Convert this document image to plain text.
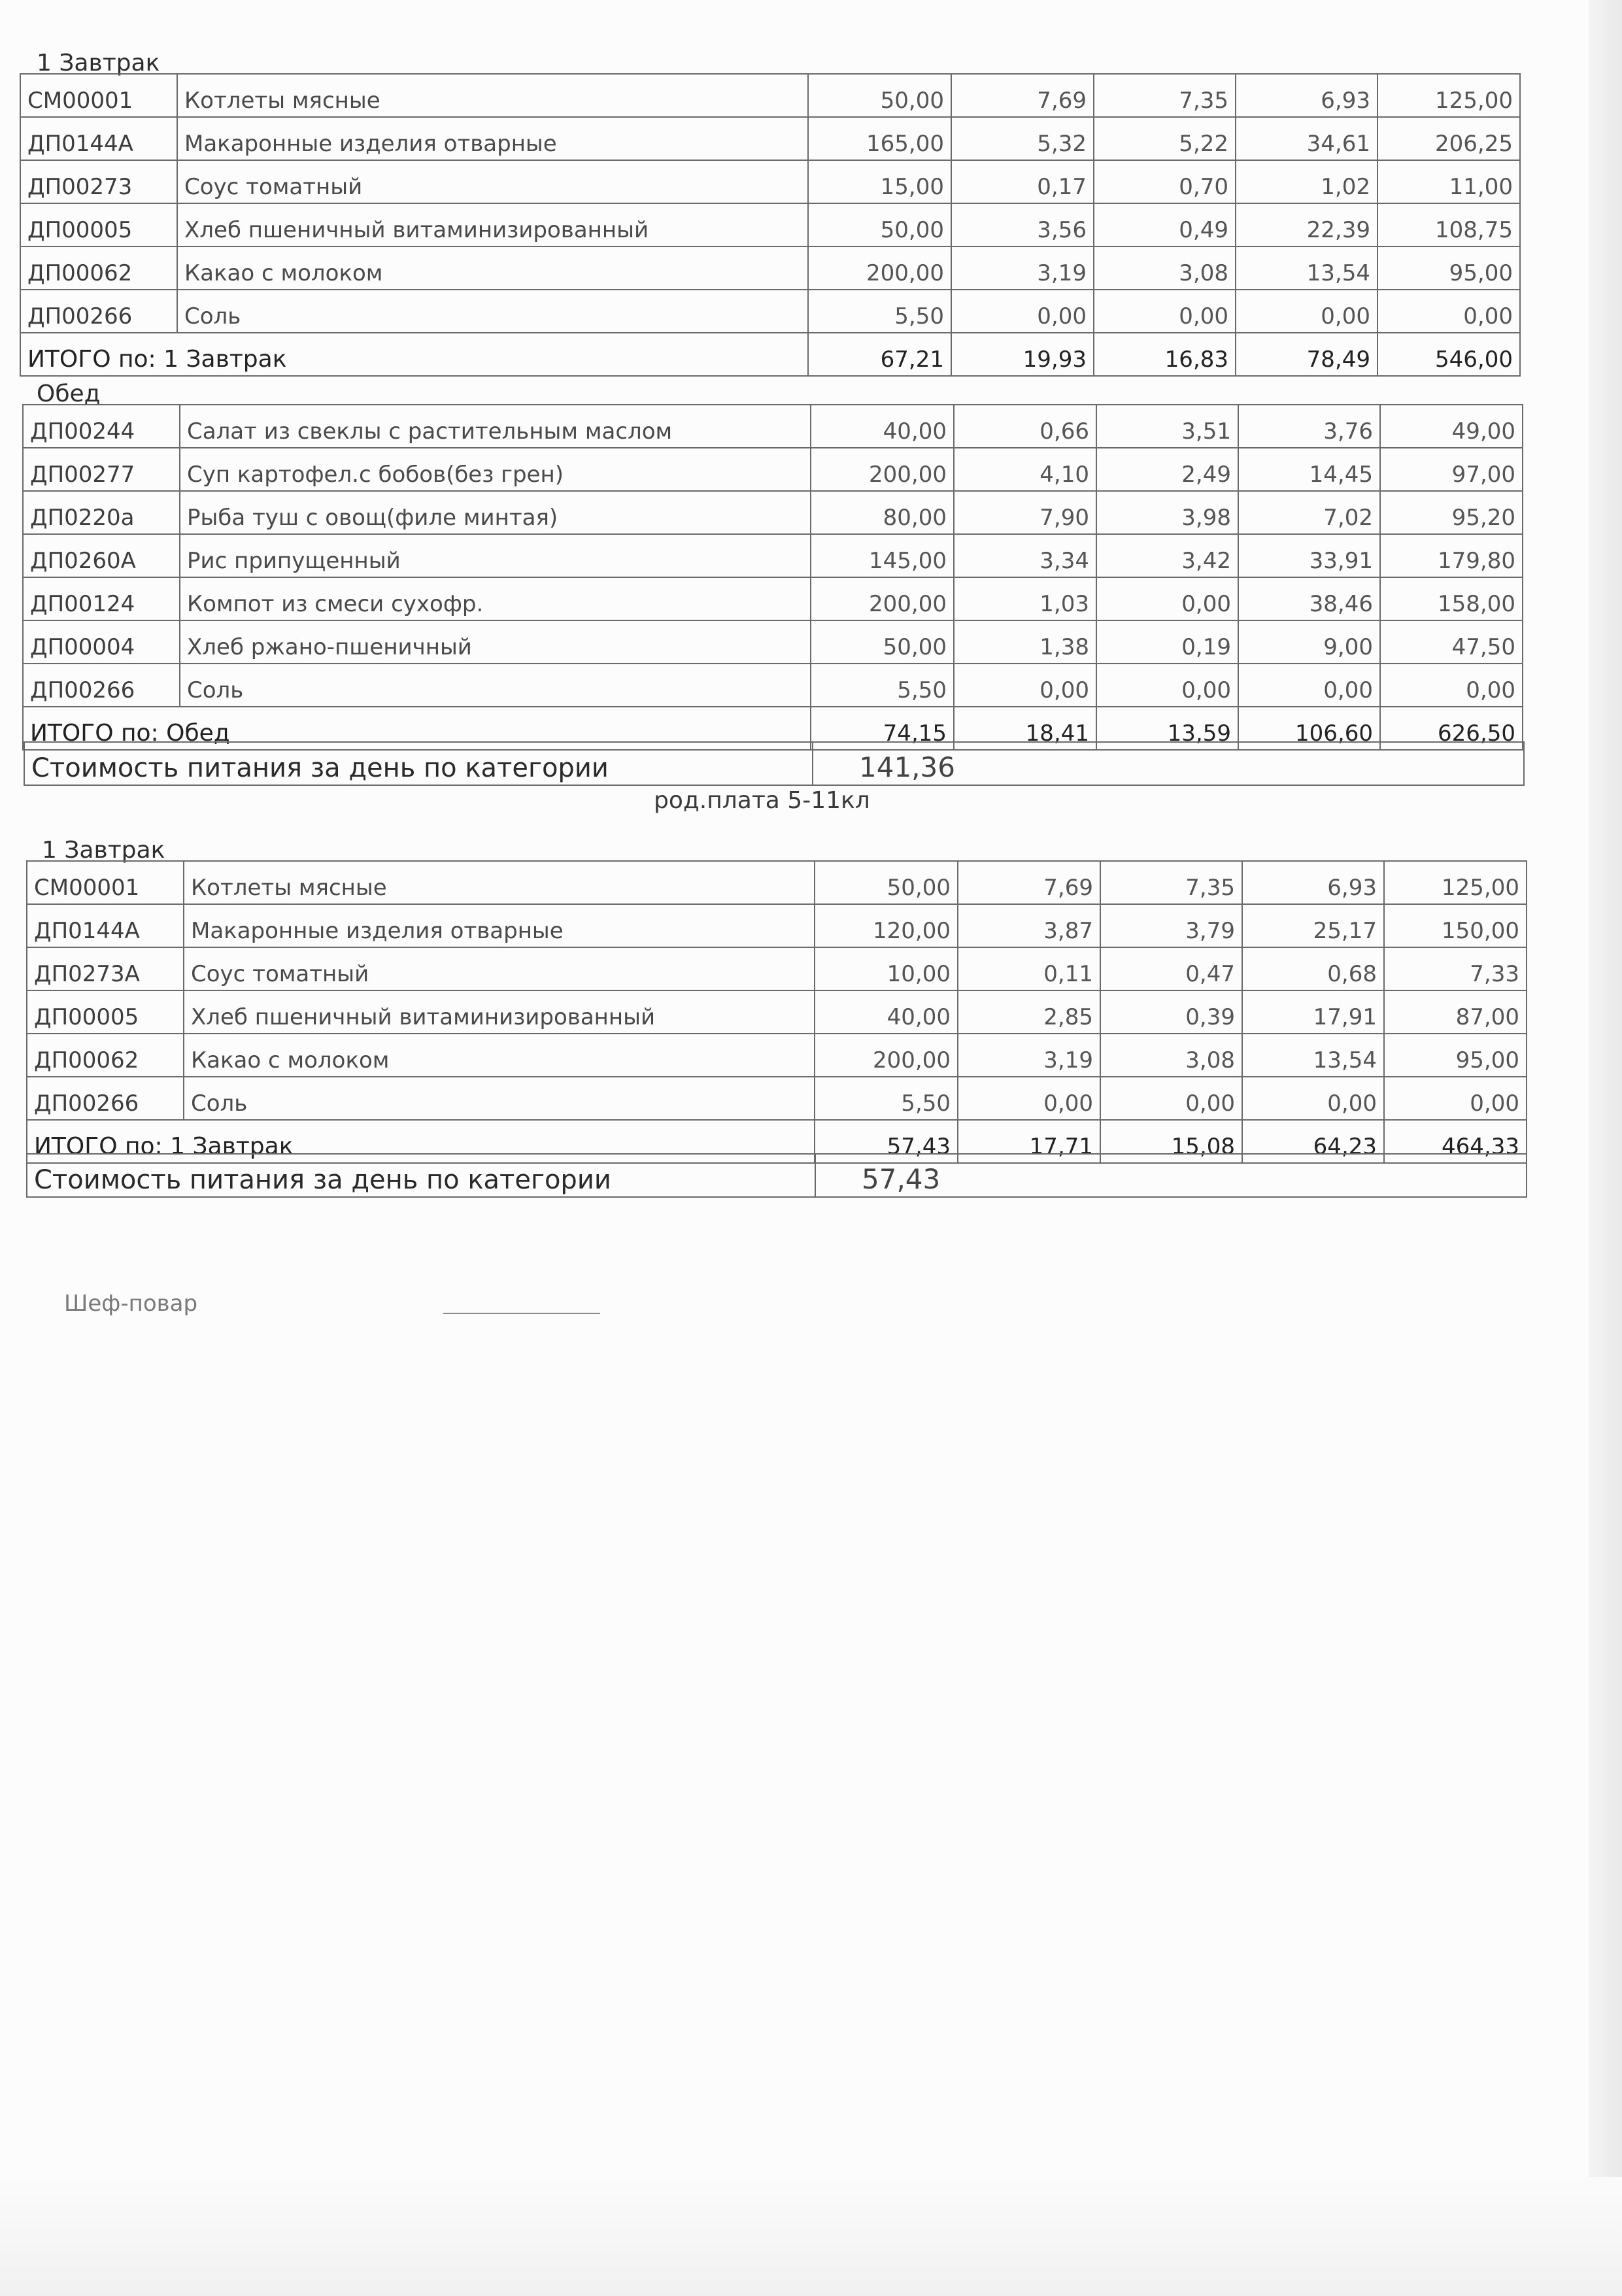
1 Завтрак
СМ00001	Котлеты мясные	50,00	7,69	7,35	6,93	125,00
ДП0144А	Макаронные изделия отварные	165,00	5,32	5,22	34,61	206,25
ДП00273	Соус томатный	15,00	0,17	0,70	1,02	11,00
ДП00005	Хлеб пшеничный витаминизированный	50,00	3,56	0,49	22,39	108,75
ДП00062	Какао с молоком	200,00	3,19	3,08	13,54	95,00
ДП00266	Соль	5,50	0,00	0,00	0,00	0,00
ИТОГО по: 1 Завтрак		67,21	19,93	16,83	78,49	546,00
Обед
ДП00244	Салат из свеклы с растительным маслом	40,00	0,66	3,51	3,76	49,00
ДП00277	Суп картофел.с бобов(без грен)	200,00	4,10	2,49	14,45	97,00
ДП0220а	Рыба туш с овощ(филе минтая)	80,00	7,90	3,98	7,02	95,20
ДП0260А	Рис припущенный	145,00	3,34	3,42	33,91	179,80
ДП00124	Компот из смеси сухофр.	200,00	1,03	0,00	38,46	158,00
ДП00004	Хлеб ржано-пшеничный	50,00	1,38	0,19	9,00	47,50
ДП00266	Соль	5,50	0,00	0,00	0,00	0,00
ИТОГО по: Обед		74,15	18,41	13,59	106,60	626,50
Стоимость питания за день по категории	141,36
род.плата 5-11кл
1 Завтрак
СМ00001	Котлеты мясные	50,00	7,69	7,35	6,93	125,00
ДП0144А	Макаронные изделия отварные	120,00	3,87	3,79	25,17	150,00
ДП0273А	Соус томатный	10,00	0,11	0,47	0,68	7,33
ДП00005	Хлеб пшеничный витаминизированный	40,00	2,85	0,39	17,91	87,00
ДП00062	Какао с молоком	200,00	3,19	3,08	13,54	95,00
ДП00266	Соль	5,50	0,00	0,00	0,00	0,00
ИТОГО по: 1 Завтрак		57,43	17,71	15,08	64,23	464,33
Стоимость питания за день по категории	57,43
Шеф-повар
